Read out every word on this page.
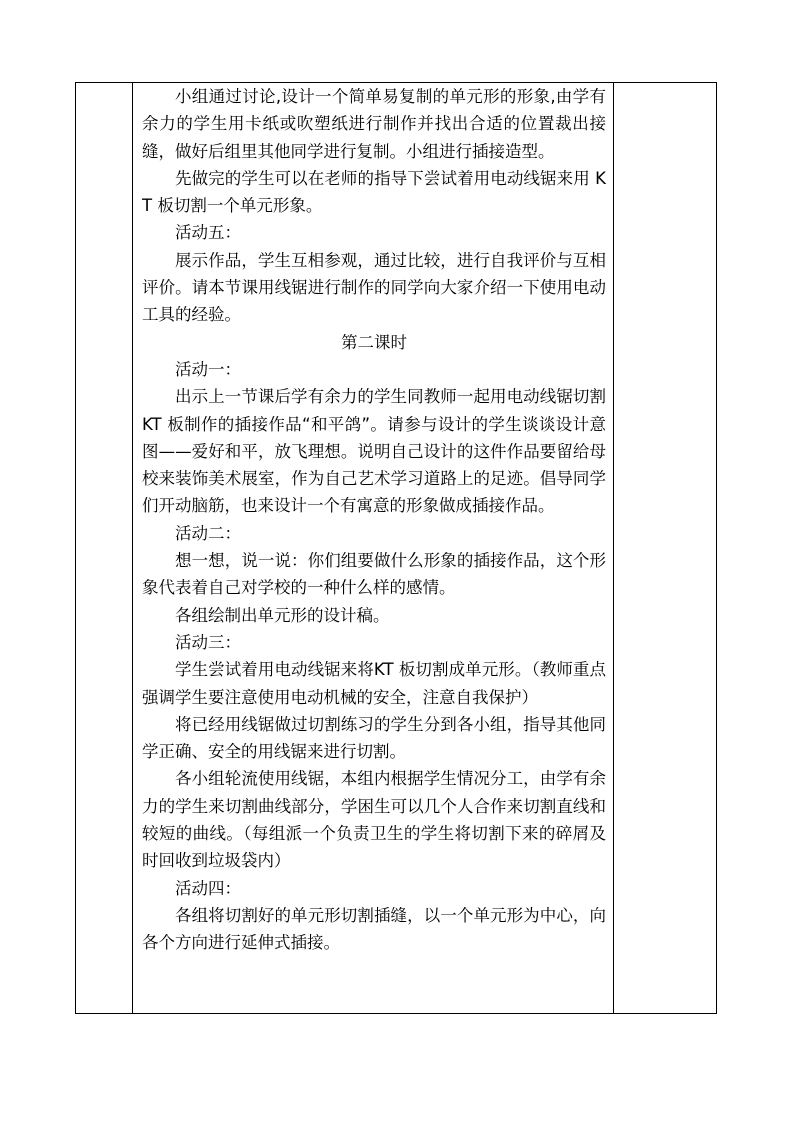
小组通过讨论,设计一个简单易复制的单元形的形象,由学有余力的学生用卡纸或吹塑纸进行制作并找出合适的位置裁出接缝，做好后组里其他同学进行复制。小组进行插接造型。

先做完的学生可以在老师的指导下尝试着用电动线锯来用 KT 板切割一个单元形象。

活动五：

展示作品，学生互相参观，通过比较，进行自我评价与互相评价。请本节课用线锯进行制作的同学向大家介绍一下使用电动工具的经验。

第二课时

活动一：

出示上一节课后学有余力的学生同教师一起用电动线锯切割 KT 板制作的插接作品“和平鸽”。请参与设计的学生谈谈设计意图——爱好和平，放飞理想。说明自己设计的这件作品要留给母校来装饰美术展室，作为自己艺术学习道路上的足迹。倡导同学们开动脑筋，也来设计一个有寓意的形象做成插接作品。

活动二：

想一想，说一说：你们组要做什么形象的插接作品，这个形象代表着自己对学校的一种什么样的感情。

各组绘制出单元形的设计稿。

活动三：

学生尝试着用电动线锯来将KT 板切割成单元形。（教师重点强调学生要注意使用电动机械的安全，注意自我保护）

将已经用线锯做过切割练习的学生分到各小组，指导其他同学正确、安全的用线锯来进行切割。

各小组轮流使用线锯，本组内根据学生情况分工，由学有余力的学生来切割曲线部分，学困生可以几个人合作来切割直线和较短的曲线。（每组派一个负责卫生的学生将切割下来的碎屑及时回收到垃圾袋内）

活动四：

各组将切割好的单元形切割插缝，以一个单元形为中心，向各个方向进行延伸式插接。
